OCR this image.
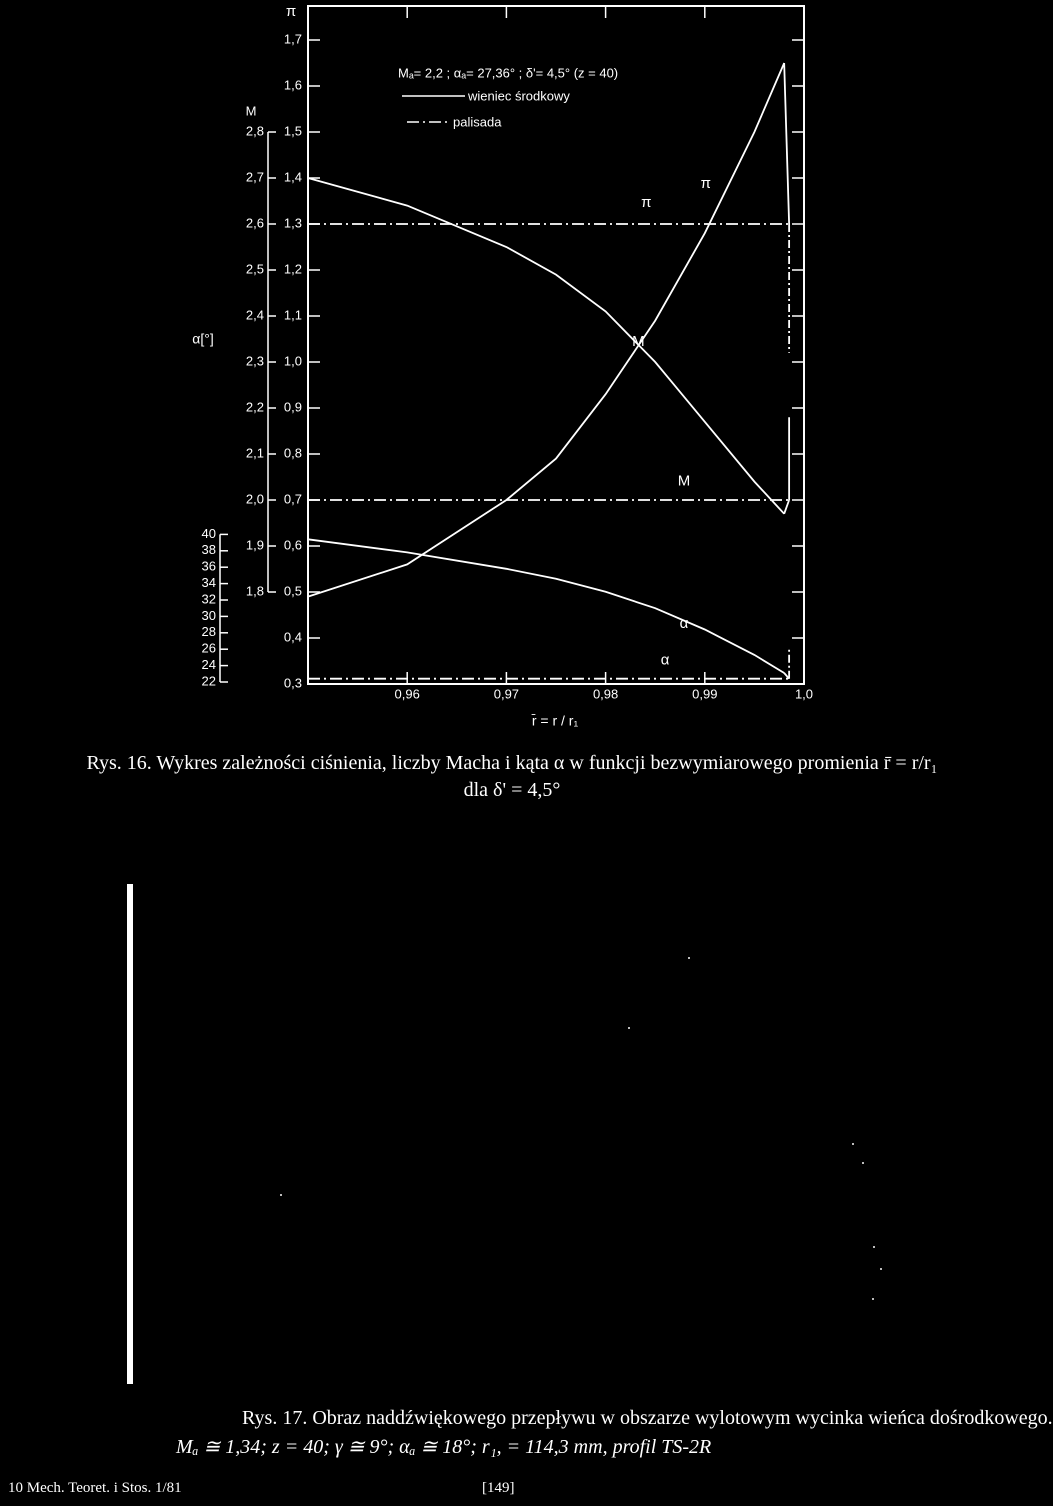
0,96	0,97	0,98	0,99	1,0
r̄ = r / r₁
0,3
0,4
0,5
0,6
0,7
0,8
0,9
1,0
1,1
1,2
1,3
1,4
1,5
1,6
1,7
π
1,8
1,9
2,0
2,1
2,2
2,3
2,4
2,5
2,6
2,7
2,8
M
22
24
26
28
30
32
34
36
38
40
α[°]
π
M
α
π
M
α
Mₐ= 2,2 ; αₐ= 27,36° ; δ'= 4,5° (z = 40)
wieniec środkowy
palisada
Rys. 16. Wykres zależności ciśnienia, liczby Macha i kąta α w funkcji bezwymiarowego promienia r̄ = r/r₁
dla δ' = 4,5°
Rys. 17. Obraz naddźwiękowego przepływu w obszarze wylotowym wycinka wieńca dośrodkowego.
Mₐ ≅ 1,34; z = 40; γ ≅ 9°; αₐ ≅ 18°; r₁, = 114,3 mm, profil TS-2R
10 Mech. Teoret. i Stos. 1/81	[149]
